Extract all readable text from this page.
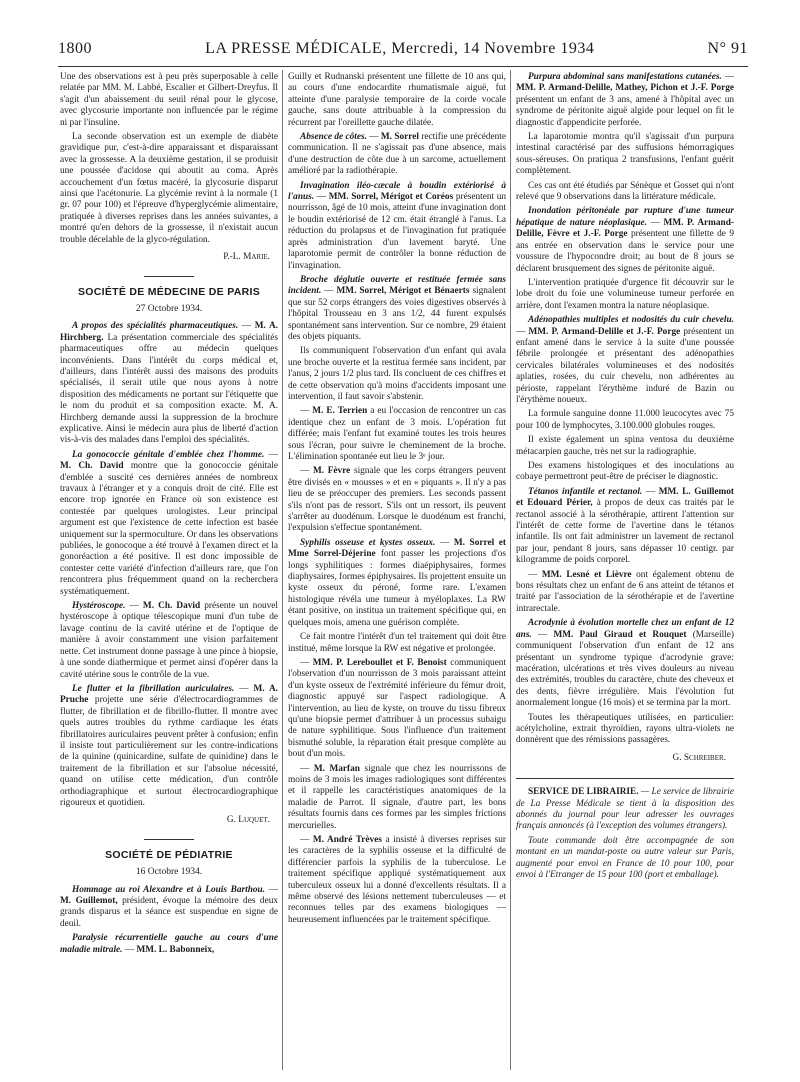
1800	LA PRESSE MÉDICALE, Mercredi, 14 Novembre 1934	N° 91

Une des observations est à peu près superposable à celle relatée par MM. M. Labbé, Escalier et Gilbert-Dreyfus. Il s'agit d'un abaissement du seuil rénal pour le glycose, avec glycosurie importante non influencée par le régime ni par l'insuline.

La seconde observation est un exemple de diabète gravidique pur, c'est-à-dire apparaissant et disparaissant avec la grossesse. A la deuxième gestation, il se produisit une poussée d'acidose qui aboutit au coma. Après accouchement d'un fœtus macéré, la glycosurie disparut ainsi que l'acétonurie. La glycémie revint à la normale (1 gr. 07 pour 100) et l'épreuve d'hyperglycémie alimentaire, pratiquée à diverses reprises dans les années suivantes, a montré qu'en dehors de la grossesse, il n'existait aucun trouble décelable de la glyco-régulation.

P.-L. Marie.

SOCIÉTÉ DE MÉDECINE DE PARIS
27 Octobre 1934.

A propos des spécialités pharmaceutiques. — M. A. Hirchberg. La présentation commerciale des spécialités pharmaceutiques offre au médecin quelques inconvénients. Dans l'intérêt du corps médical et, d'ailleurs, dans l'intérêt aussi des maisons des produits spécialisés, il serait utile que nous ayons à notre disposition des médicaments ne portant sur l'étiquette que le nom du produit et sa composition exacte. M. A. Hirchberg demande aussi la suppression de la brochure explicative. Ainsi le médecin aura plus de liberté d'action vis-à-vis des malades dans l'emploi des spécialités.

La gonococcie génitale d'emblée chez l'homme. — M. Ch. David montre que la gonococcie génitale d'emblée a suscité ces dernières années de nombreux travaux à l'étranger et y a conquis droit de cité. Elle est encore trop ignorée en France où son existence est contestée par quelques urologistes. Leur principal argument est que l'existence de cette infection est basée uniquement sur la spermoculture. Or dans les observations publiées, le gonocoque a été trouvé à l'examen direct et la gonoréaction a été positive. Il est donc impossible de contester cette variété d'infection d'ailleurs rare, que l'on rencontrera plus fréquemment quand on la recherchera systématiquement.

Hystéroscope. — M. Ch. David présente un nouvel hystéroscope à optique télescopique muni d'un tube de lavage continu de la cavité utérine et de l'optique de manière à avoir constamment une vision parfaitement nette. Cet instrument donne passage à une pince à biopsie, à une sonde diathermique et permet ainsi d'opérer dans la cavité utérine sous le contrôle de la vue.

Le flutter et la fibrillation auriculaires. — M. A. Pruche projette une série d'électrocardiogrammes de flutter, de fibrillation et de fibrillo-flutter. Il montre avec quels autres troubles du rythme cardiaque les états fibrillatoires auriculaires peuvent prêter à confusion; enfin il insiste tout particulièrement sur les contre-indications de la quinine (quinicardine, sulfate de quinidine) dans le traitement de la fibrillation et sur l'absolue nécessité, quand on utilise cette médication, d'un contrôle orthodiagraphique et surtout électrocardiographique rigoureux et quotidien.

G. Luquet.

SOCIÉTÉ DE PÉDIATRIE
16 Octobre 1934.

Hommage au roi Alexandre et à Louis Barthou. — M. Guillemot, président, évoque la mémoire des deux grands disparus et la séance est suspendue en signe de deuil.

Paralysie récurrentielle gauche au cours d'une maladie mitrale. — MM. L. Babonneix,

Guilly et Rudnanski présentent une fillette de 10 ans qui, au cours d'une endocardite rhumatismale aiguë, fut atteinte d'une paralysie temporaire de la corde vocale gauche, sans doute attribuable à la compression du récurrent par l'oreillette gauche dilatée.

Absence de côtes. — M. Sorrel rectifie une précédente communication. Il ne s'agissait pas d'une absence, mais d'une destruction de côte due à un sarcome, actuellement amélioré par la radiothérapie.

Invagination iléo-cæcale à boudin extériorisé à l'anus. — MM. Sorrel, Mérigot et Coréos présentent un nourrisson, âgé de 10 mois, atteint d'une invagination dont le boudin extériorisé de 12 cm. était étranglé à l'anus. La réduction du prolapsus et de l'invagination fut pratiquée après administration d'un lavement baryté. Une laparotomie permit de contrôler la bonne réduction de l'invagination.

Broche déglutie ouverte et restituée fermée sans incident. — MM. Sorrel, Mérigot et Bénaerts signalent que sur 52 corps étrangers des voies digestives observés à l'hôpital Trousseau en 3 ans 1/2, 44 furent expulsés spontanément sans intervention. Sur ce nombre, 29 étaient des objets piquants.

Ils communiquent l'observation d'un enfant qui avala une broche ouverte et la restitua fermée sans incident, par l'anus, 2 jours 1/2 plus tard. Ils concluent de ces chiffres et de cette observation qu'à moins d'accidents imposant une intervention, il faut savoir s'abstenir.

— M. E. Terrien a eu l'occasion de rencontrer un cas identique chez un enfant de 3 mois. L'opération fut différée; mais l'enfant fut examiné toutes les trois heures sous l'écran, pour suivre le cheminement de la broche. L'élimination spontanée eut lieu le 3ᵉ jour.

— M. Fèvre signale que les corps étrangers peuvent être divisés en « mousses » et en « piquants ». Il n'y a pas lieu de se préoccuper des premiers. Les seconds passent s'ils n'ont pas de ressort. S'ils ont un ressort, ils peuvent s'arrêter au duodénum. Lorsque le duodénum est franchi, l'expulsion s'effectue spontanément.

Syphilis osseuse et kystes osseux. — M. Sorrel et Mme Sorrel-Déjerine font passer les projections d'os longs syphilitiques : formes diaépiphysaires, formes diaphysaires, formes épiphysaires. Ils projettent ensuite un kyste osseux du péroné, forme rare. L'examen histologique révéla une tumeur à myéloplaxes. La RW étant positive, on institua un traitement spécifique qui, en quelques mois, amena une guérison complète.

Ce fait montre l'intérêt d'un tel traitement qui doit être institué, même lorsque la RW est négative et prolongée.

— MM. P. Lereboullet et F. Benoist communiquent l'observation d'un nourrisson de 3 mois paraissant atteint d'un kyste osseux de l'extrémité inférieure du fémur droit, diagnostic appuyé sur l'aspect radiologique. A l'intervention, au lieu de kyste, on trouve du tissu fibreux qu'une biopsie permet d'attribuer à un processus subaigu de nature syphilitique. Sous l'influence d'un traitement bismuthé soluble, la réparation était presque complète au bout d'un mois.

— M. Marfan signale que chez les nourrissons de moins de 3 mois les images radiologiques sont différentes et il rappelle les caractéristiques anatomiques de la maladie de Parrot. Il signale, d'autre part, les bons résultats fournis dans ces formes par les simples frictions mercurielles.

— M. André Trèves a insisté à diverses reprises sur les caractères de la syphilis osseuse et la difficulté de différencier parfois la syphilis de la tuberculose. Le traitement spécifique appliqué systématiquement aux tuberculeux osseux lui a donné d'excellents résultats. Il a même observé des lésions nettement tuberculeuses — et reconnues telles par des examens biologiques — heureusement influencées par le traitement spécifique.

Purpura abdominal sans manifestations cutanées. — MM. P. Armand-Delille, Mathey, Pichon et J.-F. Porge présentent un enfant de 3 ans, amené à l'hôpital avec un syndrome de péritonite aiguë algide pour lequel on fit le diagnostic d'appendicite perforée.

La laparotomie montra qu'il s'agissait d'un purpura intestinal caractérisé par des suffusions hémorragiques sous-séreuses. On pratiqua 2 transfusions, l'enfant guérit complètement.

Ces cas ont été étudiés par Sénèque et Gosset qui n'ont relevé que 9 observations dans la littérature médicale.

Inondation péritonéale par rupture d'une tumeur hépatique de nature néoplasique. — MM. P. Armand-Delille, Fèvre et J.-F. Porge présentent une fillette de 9 ans entrée en observation dans le service pour une voussure de l'hypocondre droit; au bout de 8 jours se déclarent brusquement des signes de péritonite aiguë.

L'intervention pratiquée d'urgence fit découvrir sur le lobe droit du foie une volumineuse tumeur perforée en arrière, dont l'examen montra la nature néoplasique.

Adénopathies multiples et nodosités du cuir chevelu. — MM. P. Armand-Delille et J.-F. Porge présentent un enfant amené dans le service à la suite d'une poussée fébrile prolongée et présentant des adénopathies cervicales bilatérales volumineuses et des nodosités aplaties, rosées, du cuir chevelu, non adhérentes au périoste, rappelant l'érythème induré de Bazin ou l'érythème noueux.

La formule sanguine donne 11.000 leucocytes avec 75 pour 100 de lymphocytes, 3.100.000 globules rouges.

Il existe également un spina ventosa du deuxième métacarpien gauche, très net sur la radiographie.

Des examens histologiques et des inoculations au cobaye permettront peut-être de préciser le diagnostic.

Tétanos infantile et rectanol. — MM. L. Guillemot et Edouard Périer, à propos de deux cas traités par le rectanol associé à la sérothérapie, attirent l'attention sur l'intérêt de cette forme de l'avertine dans le tétanos infantile. Ils ont fait administrer un lavement de rectanol par jour, pendant 8 jours, sans dépasser 10 centigr. par kilogramme de poids corporel.

— MM. Lesné et Lièvre ont également obtenu de bons résultats chez un enfant de 6 ans atteint de tétanos et traité par l'association de la sérothérapie et de l'avertine intrarectale.

Acrodynie à évolution mortelle chez un enfant de 12 ans. — MM. Paul Giraud et Rouquet (Marseille) communiquent l'observation d'un enfant de 12 ans présentant un syndrome typique d'acrodynie grave: macération, ulcérations et très vives douleurs au niveau des extrémités, troubles du caractère, chute des cheveux et des dents, fièvre irrégulière. Mais l'évolution fut anormalement longue (16 mois) et se termina par la mort.

Toutes les thérapeutiques utilisées, en particulier: acétylcholine, extrait thyroïdien, rayons ultra-violets ne donnèrent que des rémissions passagères.

G. Schreiber.

SERVICE DE LIBRAIRIE. — Le service de librairie de La Presse Médicale se tient à la disposition des abonnés du journal pour leur adresser les ouvrages français annoncés (à l'exception des volumes étrangers).

Toute commande doit être accompagnée de son montant en un mandat-poste ou autre valeur sur Paris, augmenté pour envoi en France de 10 pour 100, pour envoi à l'Etranger de 15 pour 100 (port et emballage).
